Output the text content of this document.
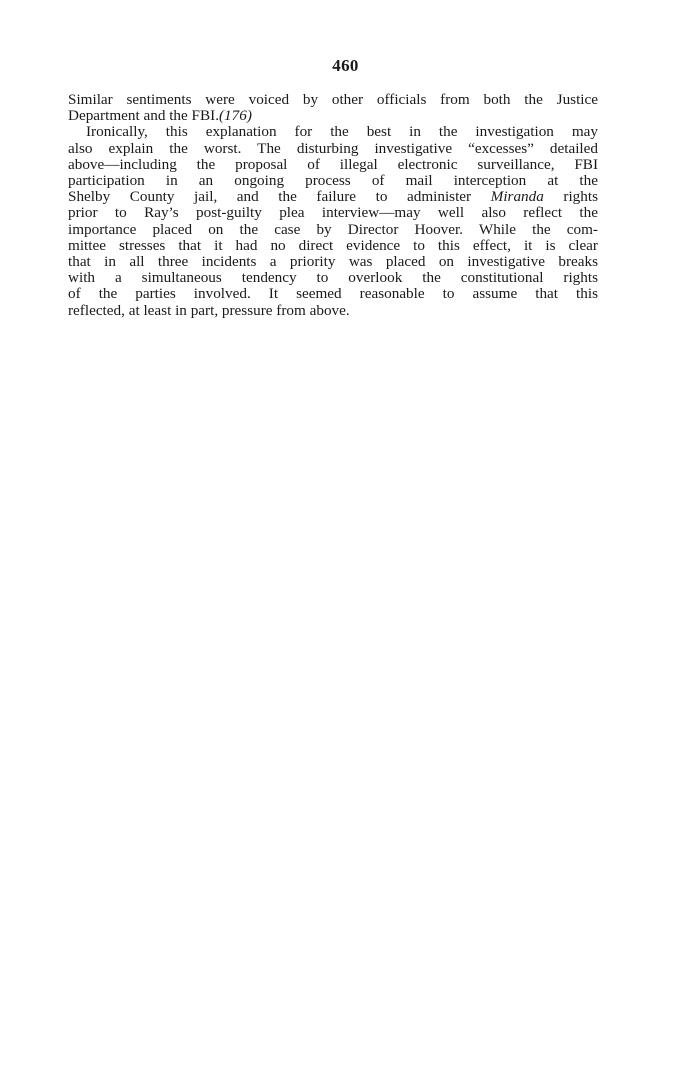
460
Similar sentiments were voiced by other officials from both the Justice
Department and the FBI.(176)
Ironically, this explanation for the best in the investigation may
also explain the worst. The disturbing investigative “excesses” detailed
above—including the proposal of illegal electronic surveillance, FBI
participation in an ongoing process of mail interception at the
Shelby County jail, and the failure to administer Miranda rights
prior to Ray’s post-guilty plea interview—may well also reflect the
importance placed on the case by Director Hoover. While the com-
mittee stresses that it had no direct evidence to this effect, it is clear
that in all three incidents a priority was placed on investigative breaks
with a simultaneous tendency to overlook the constitutional rights
of the parties involved. It seemed reasonable to assume that this
reflected, at least in part, pressure from above.
